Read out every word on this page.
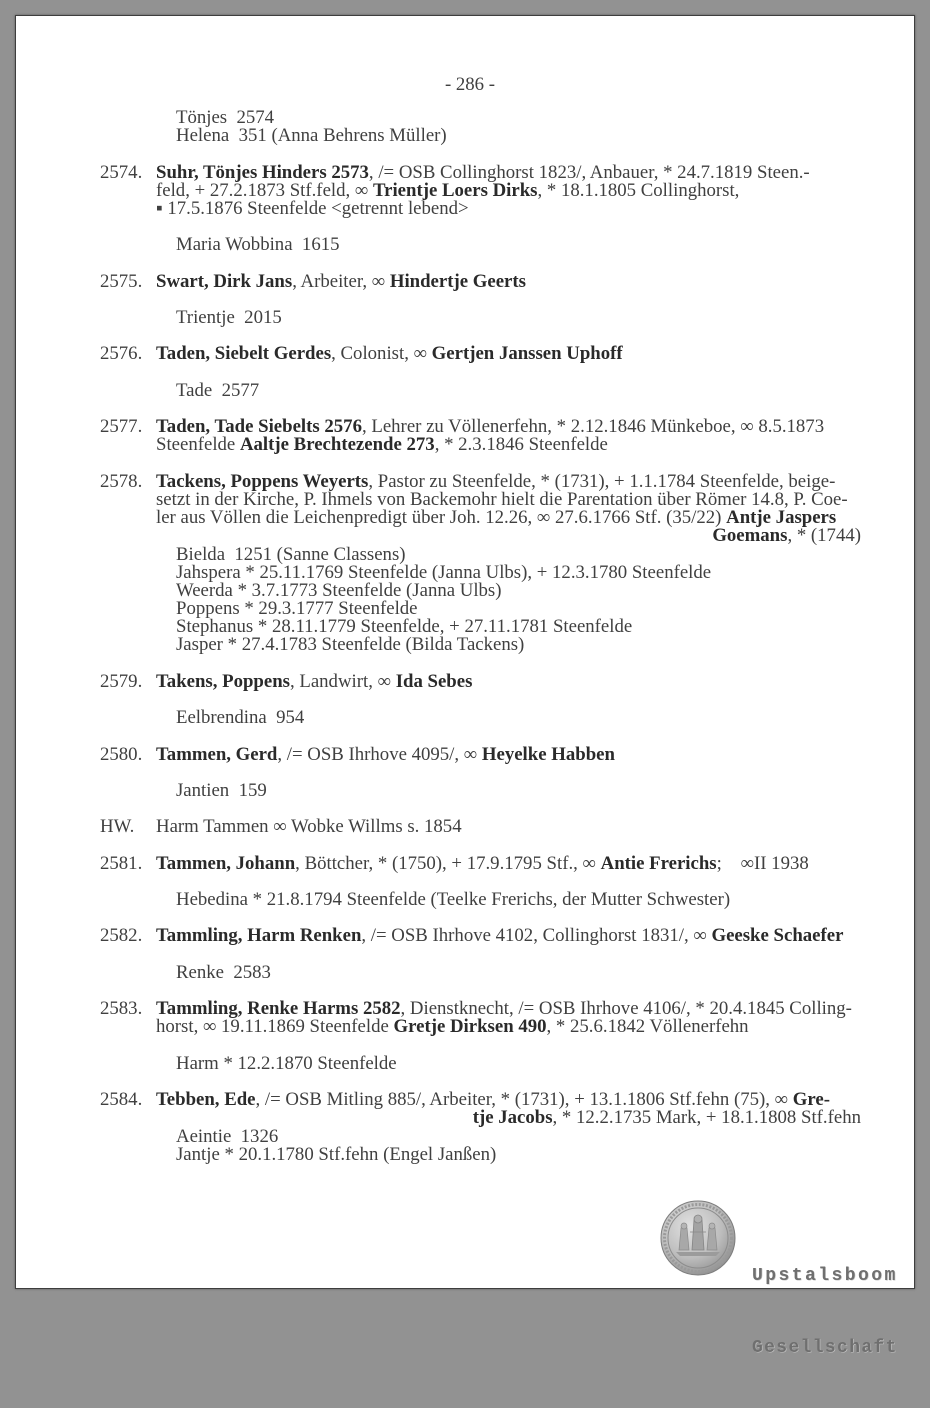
- 286 -
Tönjes  2574
Helena  351 (Anna Behrens Müller)
2574. Suhr, Tönjes Hinders 2573, /= OSB Collinghorst 1823/, Anbauer, * 24.7.1819 Steen.-
feld, + 27.2.1873 Stf.feld, ∞ Trientje Loers Dirks, * 18.1.1805 Collinghorst,
▪ 17.5.1876 Steenfelde <getrennt lebend>
Maria Wobbina  1615
2575. Swart, Dirk Jans, Arbeiter, ∞ Hindertje Geerts
Trientje  2015
2576. Taden, Siebelt Gerdes, Colonist, ∞ Gertjen Janssen Uphoff
Tade  2577
2577. Taden, Tade Siebelts 2576, Lehrer zu Völlenerfehn, * 2.12.1846 Münkeboe, ∞ 8.5.1873
Steenfelde Aaltje Brechtezende 273, * 2.3.1846 Steenfelde
2578. Tackens, Poppens Weyerts, Pastor zu Steenfelde, * (1731), + 1.1.1784 Steenfelde, beige-
setzt in der Kirche, P. Ihmels von Backemohr hielt die Parentation über Römer 14.8, P. Coe-
ler aus Völlen die Leichenpredigt über Joh. 12.26, ∞ 27.6.1766 Stf. (35/22) Antje Jaspers
Goemans, * (1744)
Bielda  1251 (Sanne Classens)
Jahspera * 25.11.1769 Steenfelde (Janna Ulbs), + 12.3.1780 Steenfelde
Weerda * 3.7.1773 Steenfelde (Janna Ulbs)
Poppens * 29.3.1777 Steenfelde
Stephanus * 28.11.1779 Steenfelde, + 27.11.1781 Steenfelde
Jasper * 27.4.1783 Steenfelde (Bilda Tackens)
2579. Takens, Poppens, Landwirt, ∞ Ida Sebes
Eelbrendina  954
2580. Tammen, Gerd, /= OSB Ihrhove 4095/, ∞ Heyelke Habben
Jantien  159
HW. Harm Tammen ∞ Wobke Willms s. 1854
2581. Tammen, Johann, Böttcher, * (1750), + 17.9.1795 Stf., ∞ Antie Frerichs;    ∞II 1938
Hebedina * 21.8.1794 Steenfelde (Teelke Frerichs, der Mutter Schwester)
2582. Tammling, Harm Renken, /= OSB Ihrhove 4102, Collinghorst 1831/, ∞ Geeske Schaefer
Renke  2583
2583. Tammling, Renke Harms 2582, Dienstknecht, /= OSB Ihrhove 4106/, * 20.4.1845 Colling-
horst, ∞ 19.11.1869 Steenfelde Gretje Dirksen 490, * 25.6.1842 Völlenerfehn
Harm * 12.2.1870 Steenfelde
2584. Tebben, Ede, /= OSB Mitling 885/, Arbeiter, * (1731), + 13.1.1806 Stf.fehn (75), ∞ Gre-
tje Jacobs, * 12.2.1735 Mark, + 18.1.1808 Stf.fehn
Aeintie  1326
Jantje * 20.1.1780 Stf.fehn (Engel Janßen)

Upstalsboom

Gesellschaft
